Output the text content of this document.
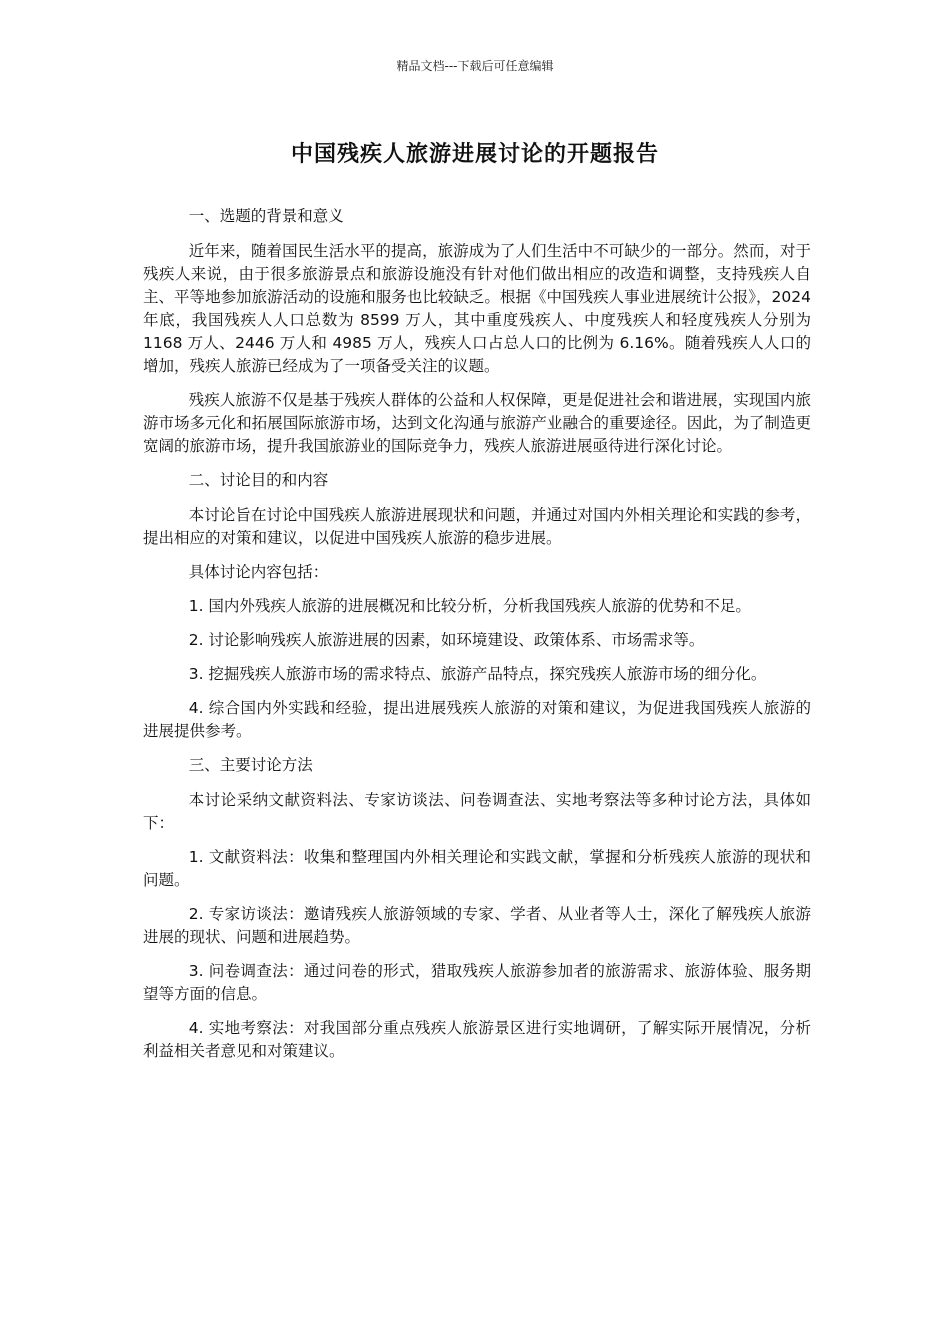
精品文档---下载后可任意编辑
中国残疾人旅游进展讨论的开题报告

一、选题的背景和意义

近年来，随着国民生活水平的提高，旅游成为了人们生活中不可缺少的一部分。然而，对于残疾人来说，由于很多旅游景点和旅游设施没有针对他们做出相应的改造和调整，支持残疾人自主、平等地参加旅游活动的设施和服务也比较缺乏。根据《中国残疾人事业进展统计公报》，2024 年底，我国残疾人人口总数为 8599 万人，其中重度残疾人、中度残疾人和轻度残疾人分别为 1168 万人、2446 万人和 4985 万人，残疾人口占总人口的比例为 6.16%。随着残疾人人口的增加，残疾人旅游已经成为了一项备受关注的议题。

残疾人旅游不仅是基于残疾人群体的公益和人权保障，更是促进社会和谐进展，实现国内旅游市场多元化和拓展国际旅游市场，达到文化沟通与旅游产业融合的重要途径。因此，为了制造更宽阔的旅游市场，提升我国旅游业的国际竞争力，残疾人旅游进展亟待进行深化讨论。

二、讨论目的和内容

本讨论旨在讨论中国残疾人旅游进展现状和问题，并通过对国内外相关理论和实践的参考，提出相应的对策和建议，以促进中国残疾人旅游的稳步进展。

具体讨论内容包括：

1. 国内外残疾人旅游的进展概况和比较分析，分析我国残疾人旅游的优势和不足。

2. 讨论影响残疾人旅游进展的因素，如环境建设、政策体系、市场需求等。

3. 挖掘残疾人旅游市场的需求特点、旅游产品特点，探究残疾人旅游市场的细分化。

4. 综合国内外实践和经验，提出进展残疾人旅游的对策和建议，为促进我国残疾人旅游的进展提供参考。

三、主要讨论方法

本讨论采纳文献资料法、专家访谈法、问卷调查法、实地考察法等多种讨论方法，具体如下：

1. 文献资料法：收集和整理国内外相关理论和实践文献，掌握和分析残疾人旅游的现状和问题。

2. 专家访谈法：邀请残疾人旅游领域的专家、学者、从业者等人士，深化了解残疾人旅游进展的现状、问题和进展趋势。

3. 问卷调查法：通过问卷的形式，猎取残疾人旅游参加者的旅游需求、旅游体验、服务期望等方面的信息。

4. 实地考察法：对我国部分重点残疾人旅游景区进行实地调研，了解实际开展情况，分析利益相关者意见和对策建议。
